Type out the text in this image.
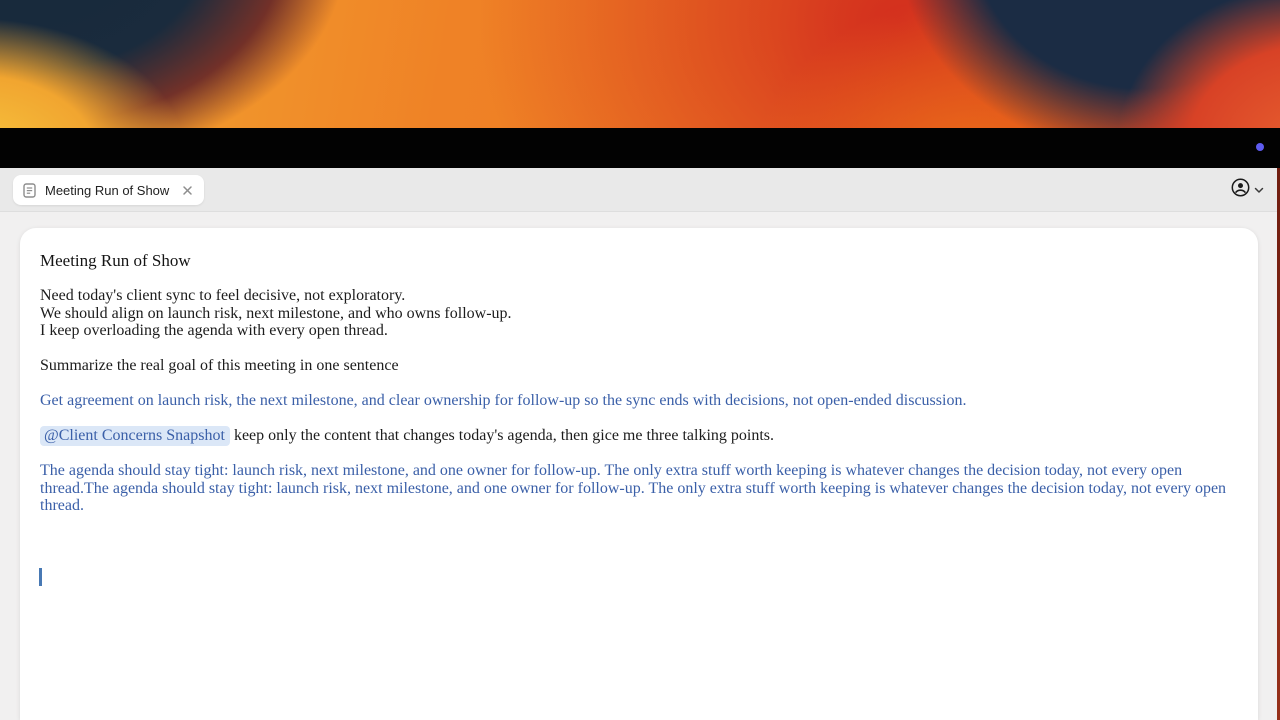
Meeting Run of Show
Meeting Run of Show
Need today's client sync to feel decisive, not exploratory.
We should align on launch risk, next milestone, and who owns follow-up.
I keep overloading the agenda with every open thread.
Summarize the real goal of this meeting in one sentence
Get agreement on launch risk, the next milestone, and clear ownership for follow-up so the sync ends with decisions, not open-ended discussion.
@Client Concerns Snapshot keep only the content that changes today's agenda, then gice me three talking points.
The agenda should stay tight: launch risk, next milestone, and one owner for follow-up. The only extra stuff worth keeping is whatever changes the decision today, not every open thread.The agenda should stay tight: launch risk, next milestone, and one owner for follow-up. The only extra stuff worth keeping is whatever changes the decision today, not every open thread.
